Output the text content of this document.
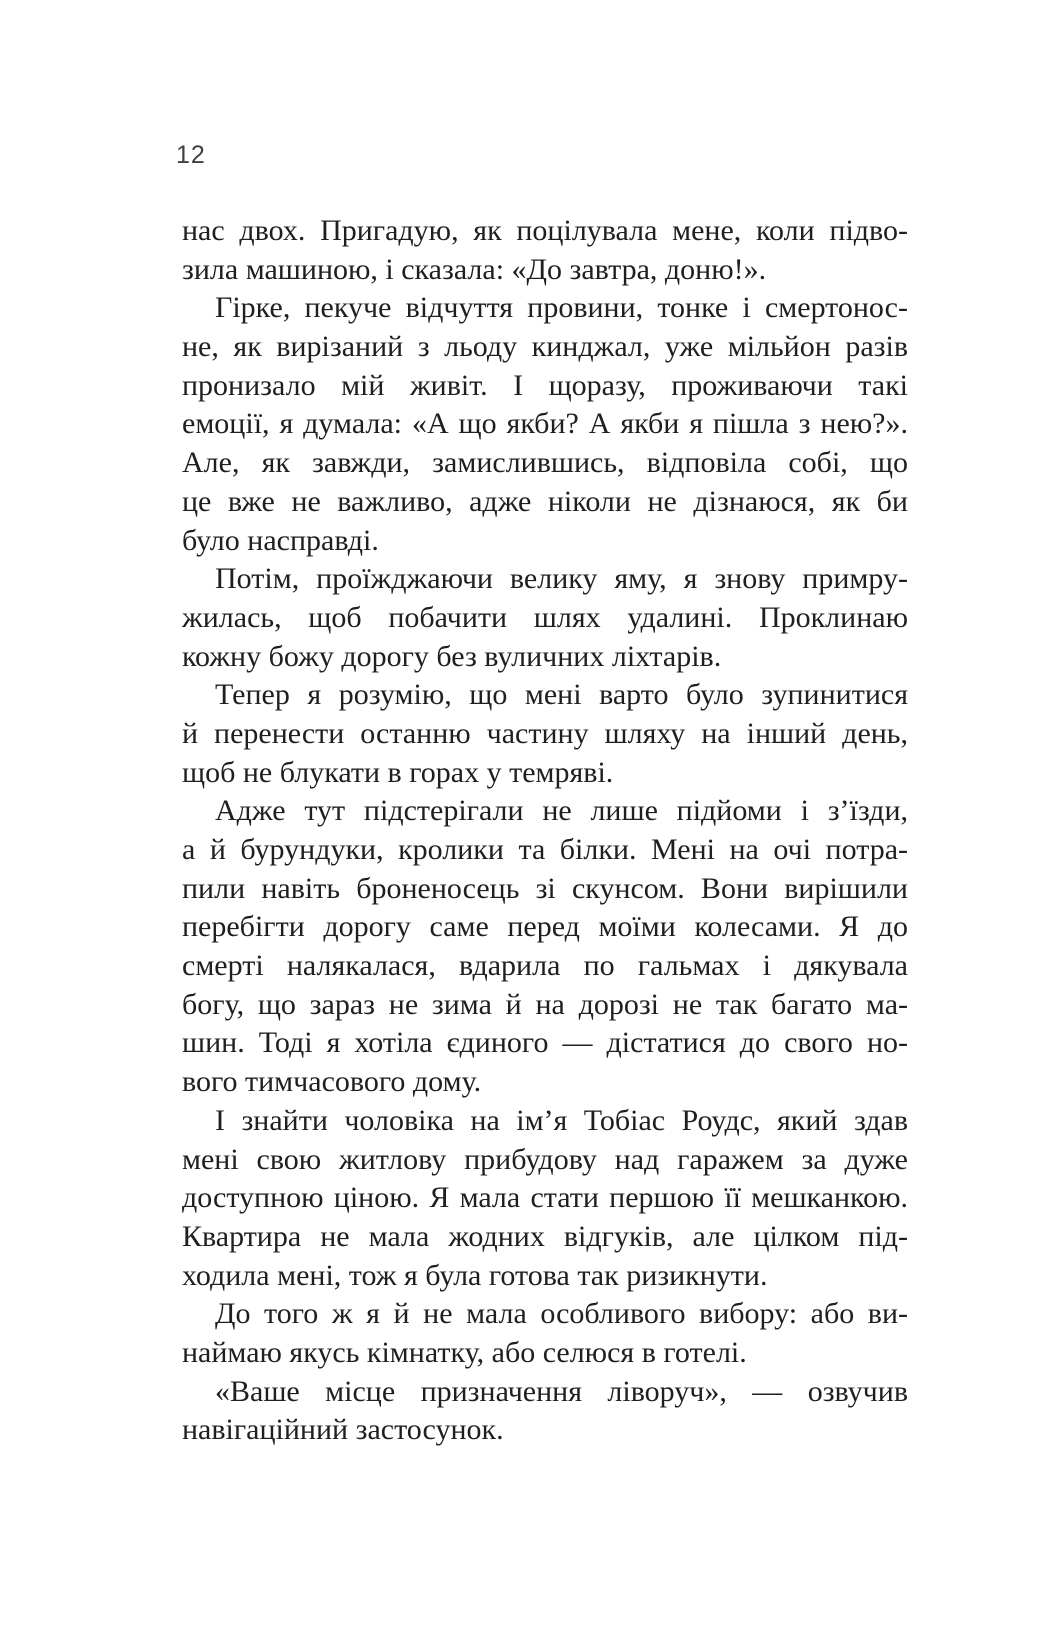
12
нас двох. Пригадую, як поцілувала мене, коли підво-
зила машиною, і сказала: «До завтра, доню!».
Гірке, пекуче відчуття провини, тонке і смертонос-
не, як вирізаний з льоду кинджал, уже мільйон разів
пронизало мій живіт. І щоразу, проживаючи такі
емоції, я думала: «А що якби? А якби я пішла з нею?».
Але, як завжди, замислившись, відповіла собі, що
це вже не важливо, адже ніколи не дізнаюся, як би
було насправді.
Потім, проїжджаючи велику яму, я знову примру-
жилась, щоб побачити шлях удалині. Проклинаю
кожну божу дорогу без вуличних ліхтарів.
Тепер я розумію, що мені варто було зупинитися
й перенести останню частину шляху на інший день,
щоб не блукати в горах у темряві.
Адже тут підстерігали не лише підйоми і з’їзди,
а й бурундуки, кролики та білки. Мені на очі потра-
пили навіть броненосець зі скунсом. Вони вирішили
перебігти дорогу саме перед моїми колесами. Я до
смерті налякалася, вдарила по гальмах і дякувала
богу, що зараз не зима й на дорозі не так багато ма-
шин. Тоді я хотіла єдиного — дістатися до свого но-
вого тимчасового дому.
І знайти чоловіка на ім’я Тобіас Роудс, який здав
мені свою житлову прибудову над гаражем за дуже
доступною ціною. Я мала стати першою її мешканкою.
Квартира не мала жодних відгуків, але цілком під-
ходила мені, тож я була готова так ризикнути.
До того ж я й не мала особливого вибору: або ви-
наймаю якусь кімнатку, або селюся в готелі.
«Ваше місце призначення ліворуч», — озвучив
навігаційний застосунок.
